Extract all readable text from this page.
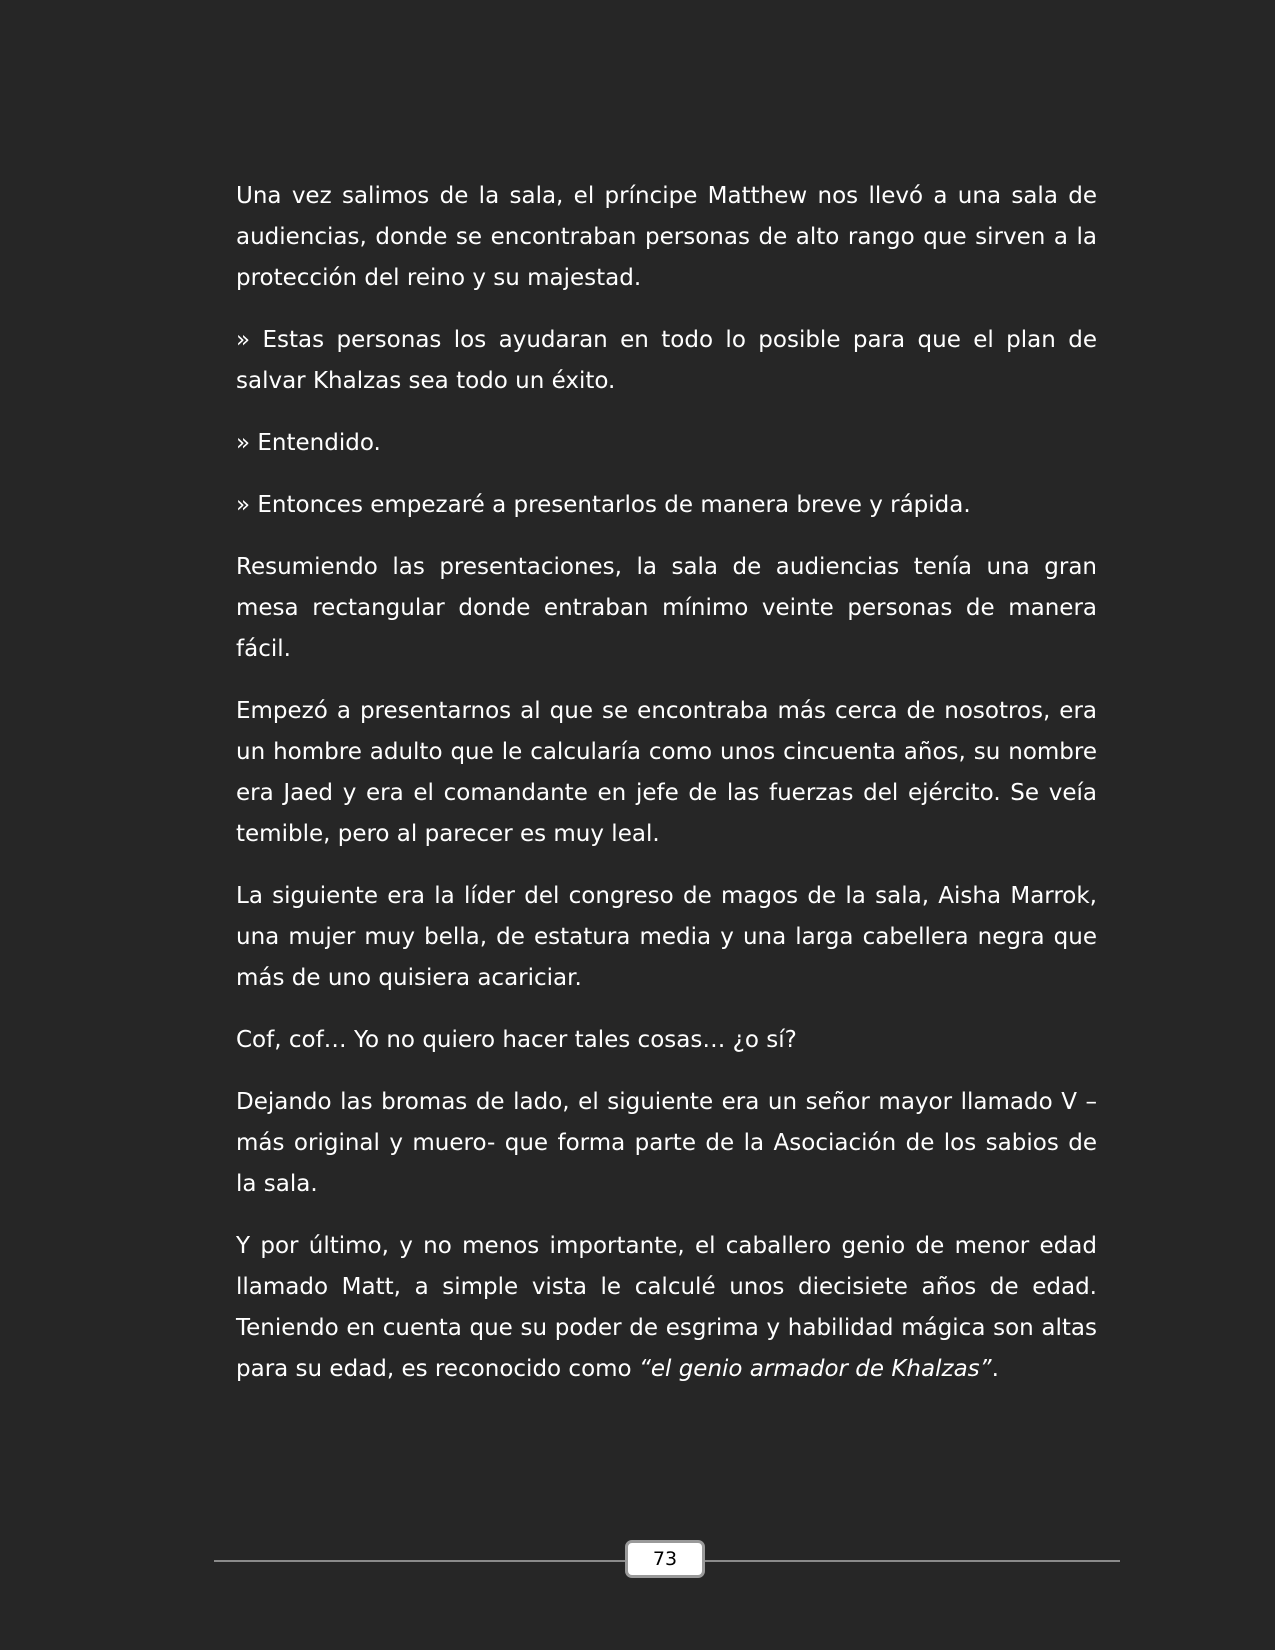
Una vez salimos de la sala, el príncipe Matthew nos llevó a una sala de audiencias, donde se encontraban personas de alto rango que sirven a la protección del reino y su majestad.

» Estas personas los ayudaran en todo lo posible para que el plan de salvar Khalzas sea todo un éxito.

» Entendido.

» Entonces empezaré a presentarlos de manera breve y rápida.

Resumiendo las presentaciones, la sala de audiencias tenía una gran mesa rectangular donde entraban mínimo veinte personas de manera fácil.

Empezó a presentarnos al que se encontraba más cerca de nosotros, era un hombre adulto que le calcularía como unos cincuenta años, su nombre era Jaed y era el comandante en jefe de las fuerzas del ejército. Se veía temible, pero al parecer es muy leal.

La siguiente era la líder del congreso de magos de la sala, Aisha Marrok, una mujer muy bella, de estatura media y una larga cabellera negra que más de uno quisiera acariciar.

Cof, cof… Yo no quiero hacer tales cosas… ¿o sí?

Dejando las bromas de lado, el siguiente era un señor mayor llamado V –más original y muero- que forma parte de la Asociación de los sabios de la sala.

Y por último, y no menos importante, el caballero genio de menor edad llamado Matt, a simple vista le calculé unos diecisiete años de edad. Teniendo en cuenta que su poder de esgrima y habilidad mágica son altas para su edad, es reconocido como “el genio armador de Khalzas”.

73
